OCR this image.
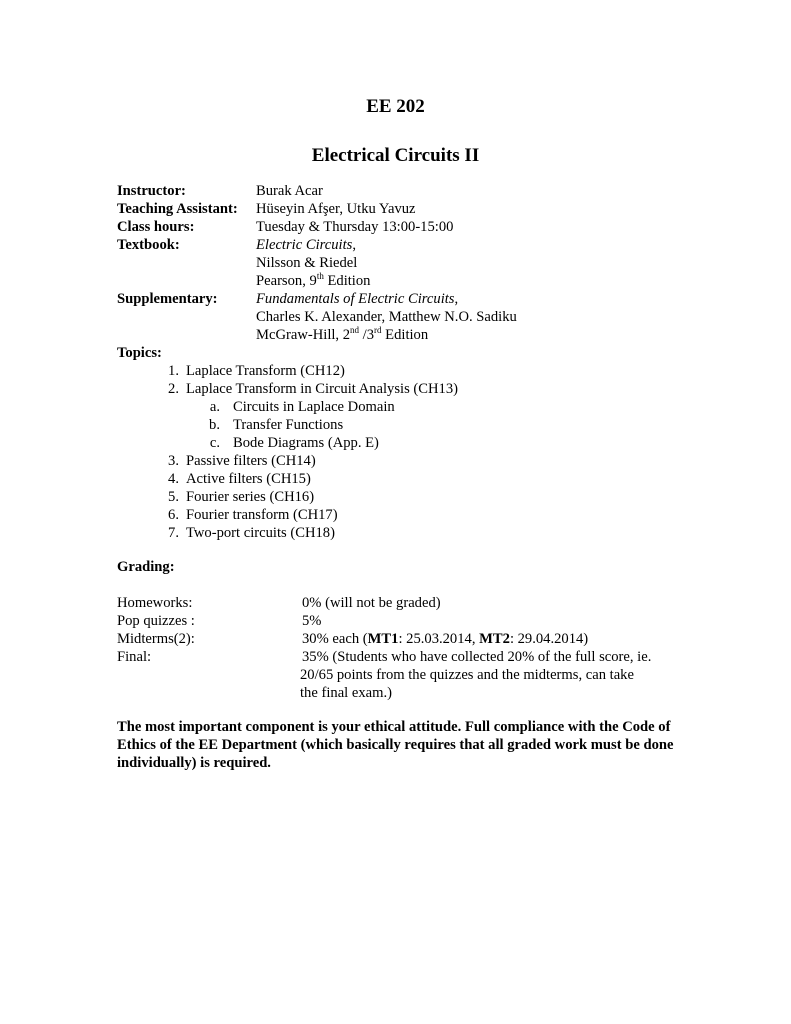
EE 202
Electrical Circuits II
Instructor:	Burak Acar
Teaching Assistant: Hüseyin Afşer, Utku Yavuz
Class hours:	Tuesday & Thursday 13:00-15:00
Textbook:	Electric Circuits,
Nilsson & Riedel
Pearson, 9th Edition
Supplementary:	Fundamentals of Electric Circuits,
Charles K. Alexander, Matthew N.O. Sadiku
McGraw-Hill, 2nd /3rd Edition
Topics:
1. Laplace Transform (CH12)
2. Laplace Transform in Circuit Analysis (CH13)
a. Circuits in Laplace Domain
b. Transfer Functions
c. Bode Diagrams (App. E)
3. Passive filters (CH14)
4. Active filters (CH15)
5. Fourier series (CH16)
6. Fourier transform (CH17)
7. Two-port circuits (CH18)
Grading:
Homeworks:	0% (will not be graded)
Pop quizzes :	5%
Midterms(2):	30% each (MT1: 25.03.2014, MT2: 29.04.2014)
Final:	35% (Students who have collected 20% of the full score, ie.
20/65 points from the quizzes and the midterms, can take
the final exam.)
The most important component is your ethical attitude. Full compliance with the Code of Ethics of the EE Department (which basically requires that all graded work must be done individually) is required.
